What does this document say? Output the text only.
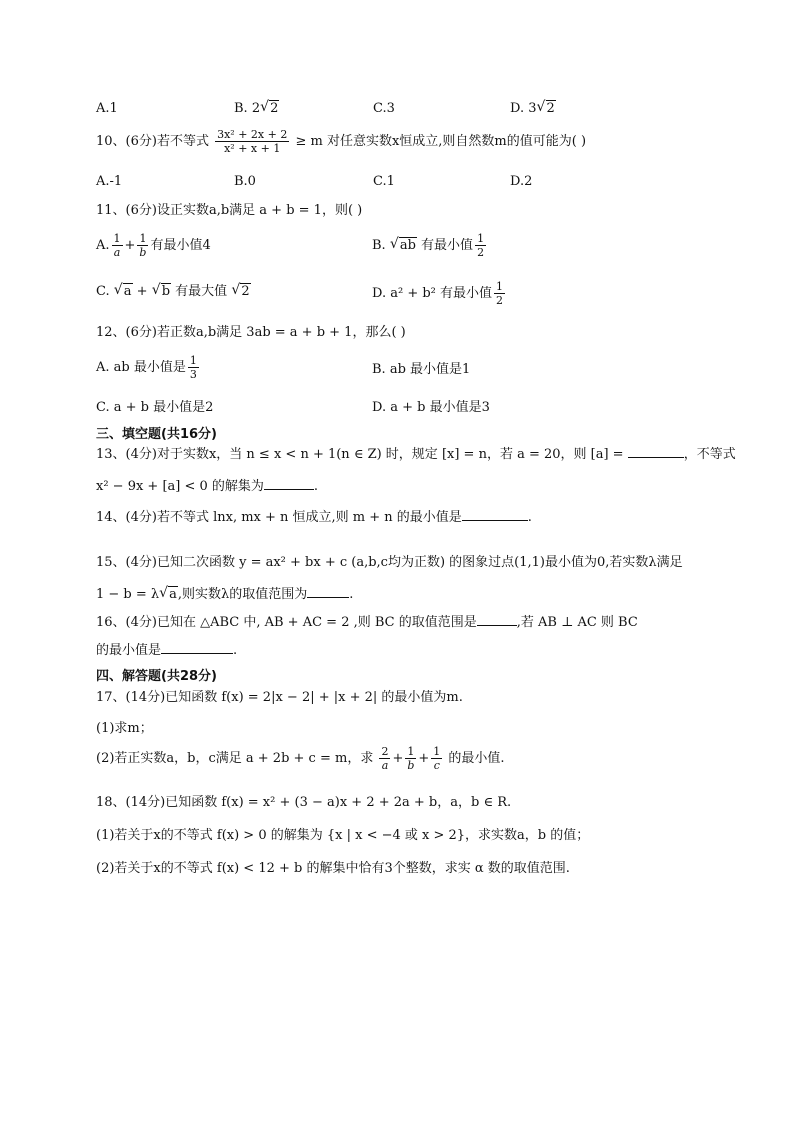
A.1	B. 2 √ 2	C.3	D. 3 √ 2
10、(6分)若不等式 $\frac{\text{3x² + 2x + 2}}{\text{x² + x + 1}} \ge m$ 对任意实数x恒成立,则自然数m的值可能为( )
A.-1	B.0	C.1	D.2
11、(6分)设正实数a,b满足 a + b = 1，则( )
A. $\frac{1}{a} + \frac{1}{b}$ 有最小值4	B. √ ab 有最小值 $\frac{1}{2}$
C. √ a + √ b 有最大值 √ 2	D. a² + b² 有最小值 $\frac{1}{2}$
12、(6分)若正数a,b满足 3ab = a + b + 1，那么( )
A. ab 最小值是 $\frac{1}{3}$	B. ab 最小值是1
C. a + b 最小值是2	D. a + b 最小值是3
三、填空题(共16分)
13、(4分)对于实数x，当 n ≤ x < n + 1(n ∈ Z) 时，规定 [x] = n，若 a = 20，则 [a] =	，不等式
x² − 9x + [a] < 0 的解集为	.
14、(4分)若不等式 lnx, mx + n 恒成立,则 m + n 的最小值是	.
15、(4分)已知二次函数 y = ax² + bx + c (a,b,c均为正数) 的图象过点(1,1)最小值为0,若实数λ满足
1 − b = λ √ a,则实数λ的取值范围为	.
16、(4分)已知在 △ABC 中, AB + AC = 2 ,则 BC 的取值范围是	,若 AB ⊥ AC 则 BC
的最小值是	.
四、解答题(共28分)
17、(14分)已知函数 f(x) = 2|x − 2| + |x + 2| 的最小值为m.
(1)求m；
(2)若正实数a，b，c满足 a + 2b + c = m，求 $\frac{2}{a} + \frac{1}{b} + \frac{1}{c}$ 的最小值.
18、(14分)已知函数 f(x) = x² + (3 − a)x + 2 + 2a + b，a，b ∈ R.
(1)若关于x的不等式 f(x) > 0 的解集为 {x | x < −4 或 x > 2}，求实数a，b 的值；
(2)若关于x的不等式 f(x) < 12 + b 的解集中恰有3个整数，求实 α 数的取值范围.
